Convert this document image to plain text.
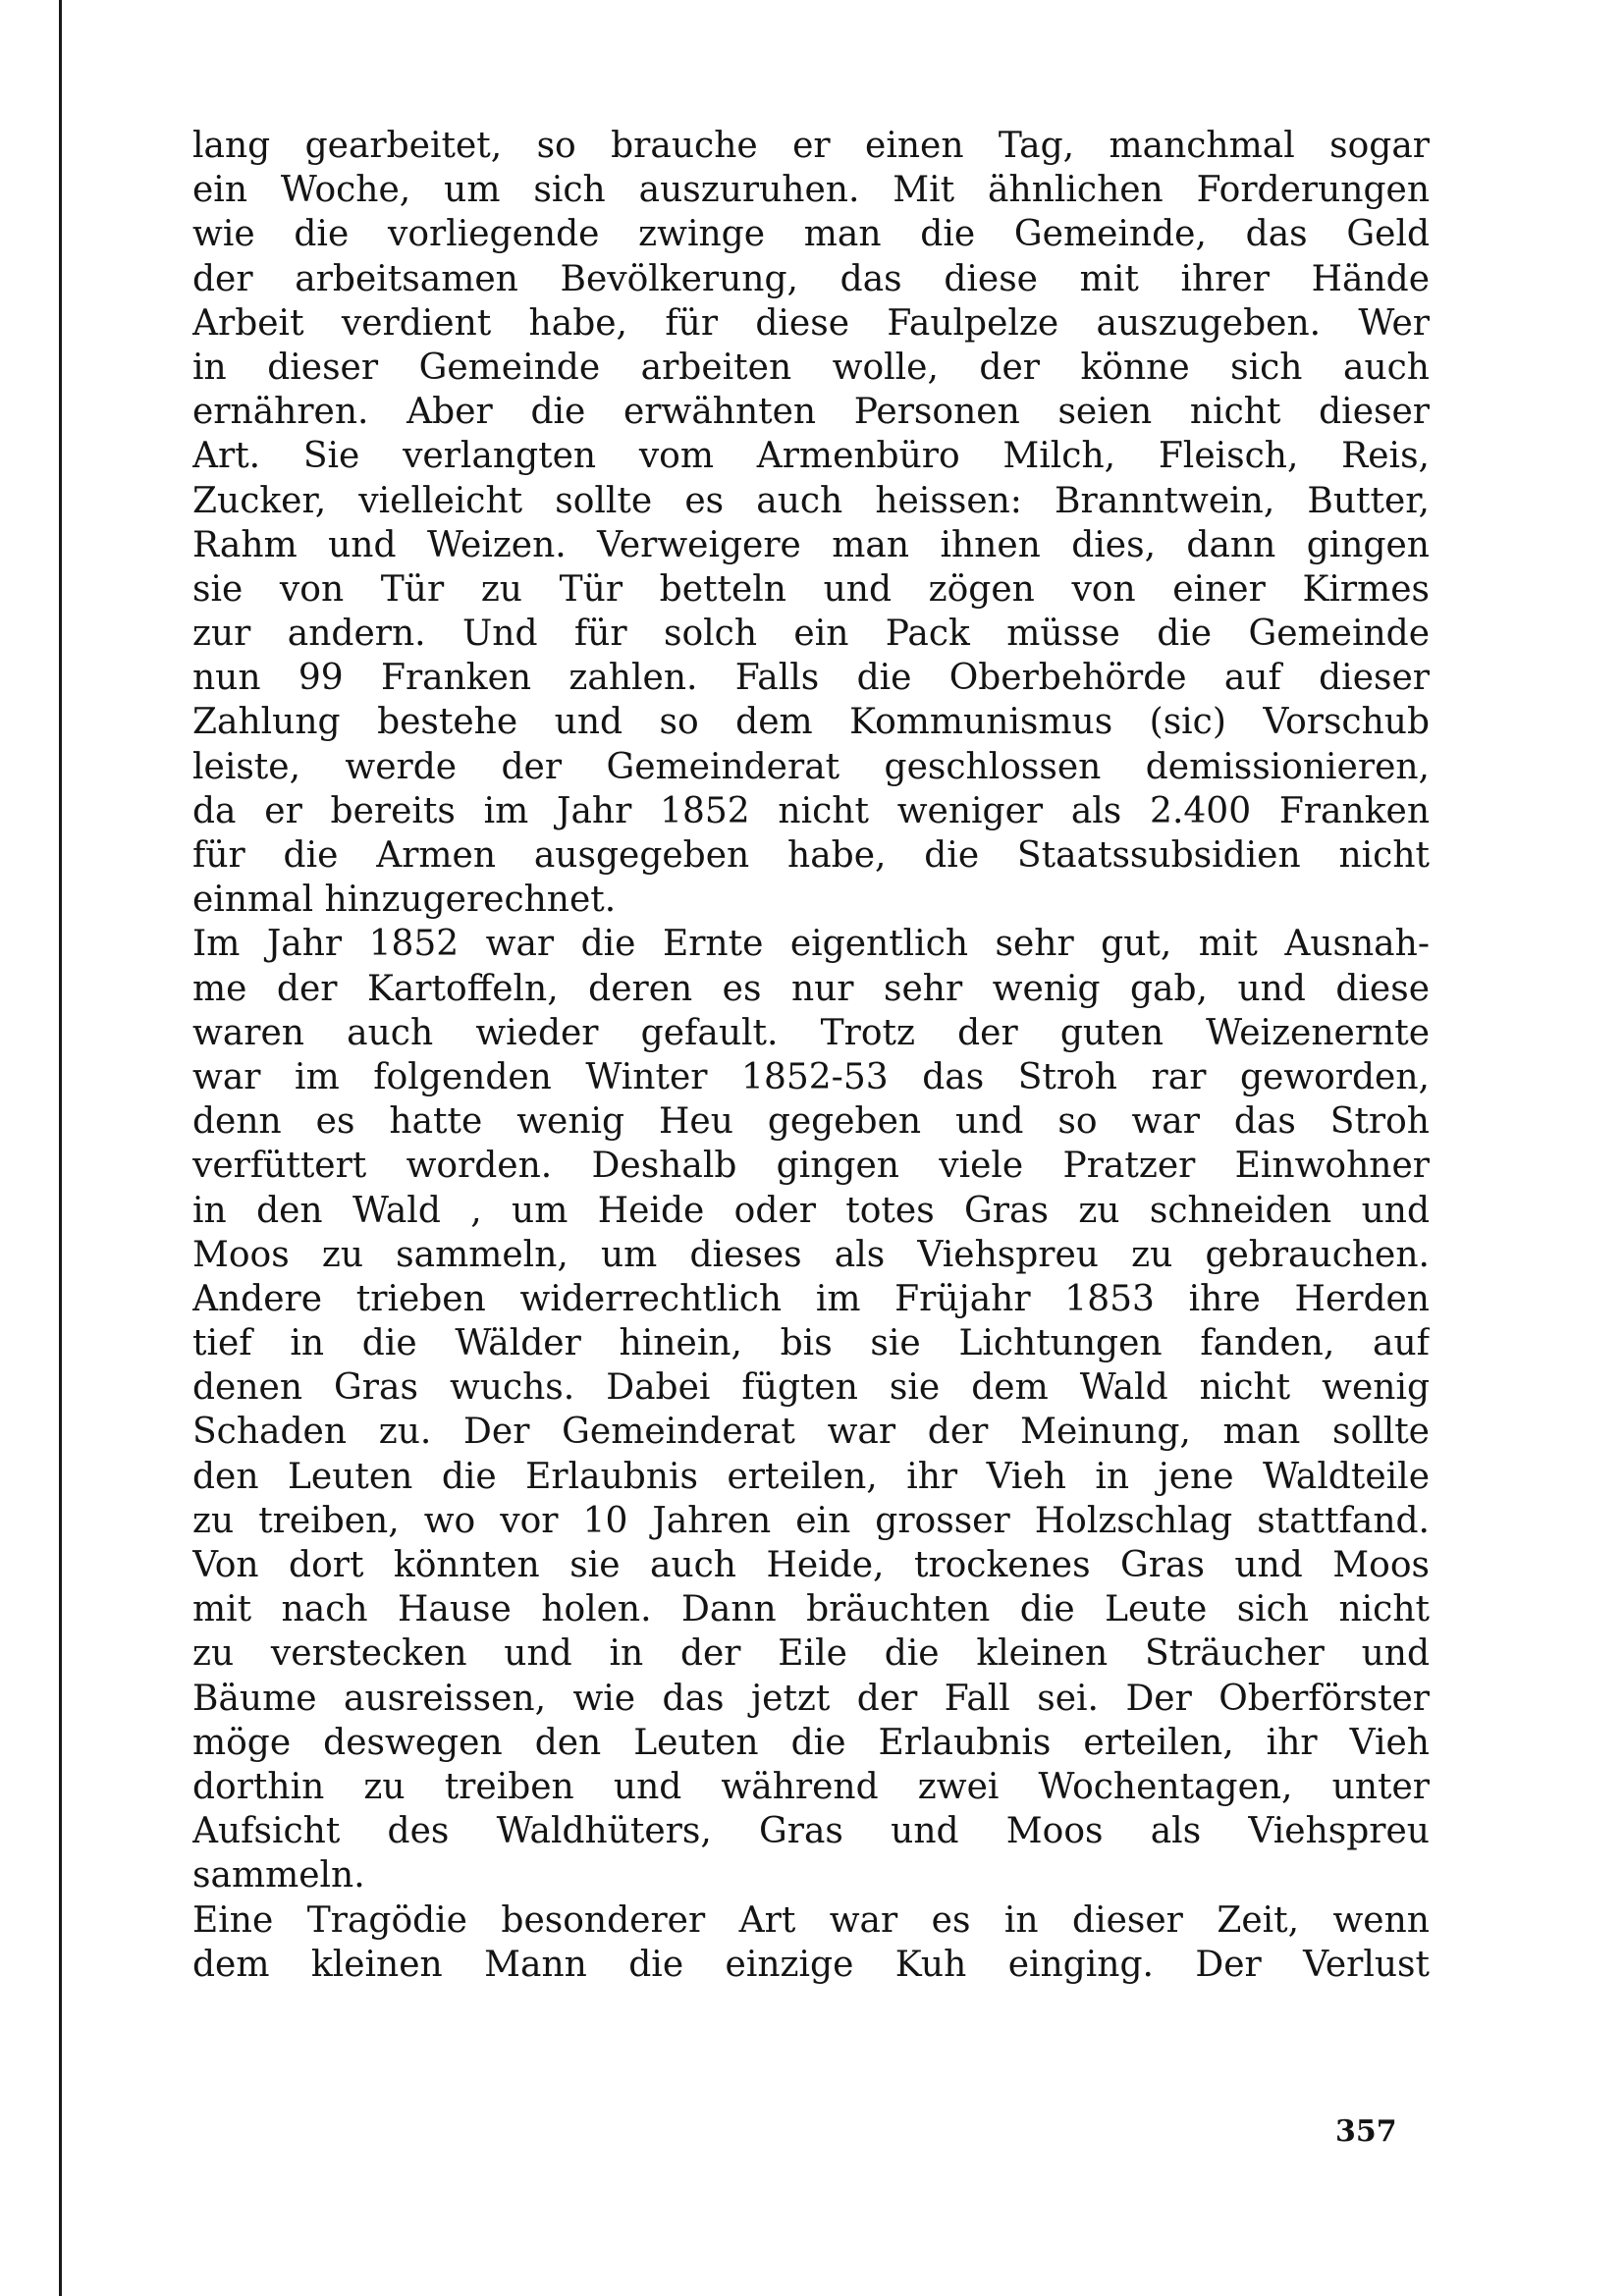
lang gearbeitet, so brauche er einen Tag, manchmal sogar
ein Woche, um sich auszuruhen. Mit ähnlichen Forderungen
wie die vorliegende zwinge man die Gemeinde, das Geld
der arbeitsamen Bevölkerung, das diese mit ihrer Hände
Arbeit verdient habe, für diese Faulpelze auszugeben. Wer
in dieser Gemeinde arbeiten wolle, der könne sich auch
ernähren. Aber die erwähnten Personen seien nicht dieser
Art. Sie verlangten vom Armenbüro Milch, Fleisch, Reis,
Zucker, vielleicht sollte es auch heissen: Branntwein, Butter,
Rahm und Weizen. Verweigere man ihnen dies, dann gingen
sie von Tür zu Tür betteln und zögen von einer Kirmes
zur andern. Und für solch ein Pack müsse die Gemeinde
nun 99 Franken zahlen. Falls die Oberbehörde auf dieser
Zahlung bestehe und so dem Kommunismus (sic) Vorschub
leiste, werde der Gemeinderat geschlossen demissionieren,
da er bereits im Jahr 1852 nicht weniger als 2.400 Franken
für die Armen ausgegeben habe, die Staatssubsidien nicht
einmal hinzugerechnet.
Im Jahr 1852 war die Ernte eigentlich sehr gut, mit Ausnah-
me der Kartoffeln, deren es nur sehr wenig gab, und diese
waren auch wieder gefault. Trotz der guten Weizenernte
war im folgenden Winter 1852-53 das Stroh rar geworden,
denn es hatte wenig Heu gegeben und so war das Stroh
verfüttert worden. Deshalb gingen viele Pratzer Einwohner
in den Wald , um Heide oder totes Gras zu schneiden und
Moos zu sammeln, um dieses als Viehspreu zu gebrauchen.
Andere trieben widerrechtlich im Früjahr 1853 ihre Herden
tief in die Wälder hinein, bis sie Lichtungen fanden, auf
denen Gras wuchs. Dabei fügten sie dem Wald nicht wenig
Schaden zu. Der Gemeinderat war der Meinung, man sollte
den Leuten die Erlaubnis erteilen, ihr Vieh in jene Waldteile
zu treiben, wo vor 10 Jahren ein grosser Holzschlag stattfand.
Von dort könnten sie auch Heide, trockenes Gras und Moos
mit nach Hause holen. Dann bräuchten die Leute sich nicht
zu verstecken und in der Eile die kleinen Sträucher und
Bäume ausreissen, wie das jetzt der Fall sei. Der Oberförster
möge deswegen den Leuten die Erlaubnis erteilen, ihr Vieh
dorthin zu treiben und während zwei Wochentagen, unter
Aufsicht des Waldhüters, Gras und Moos als Viehspreu
sammeln.
Eine Tragödie besonderer Art war es in dieser Zeit, wenn
dem kleinen Mann die einzige Kuh einging. Der Verlust
357
